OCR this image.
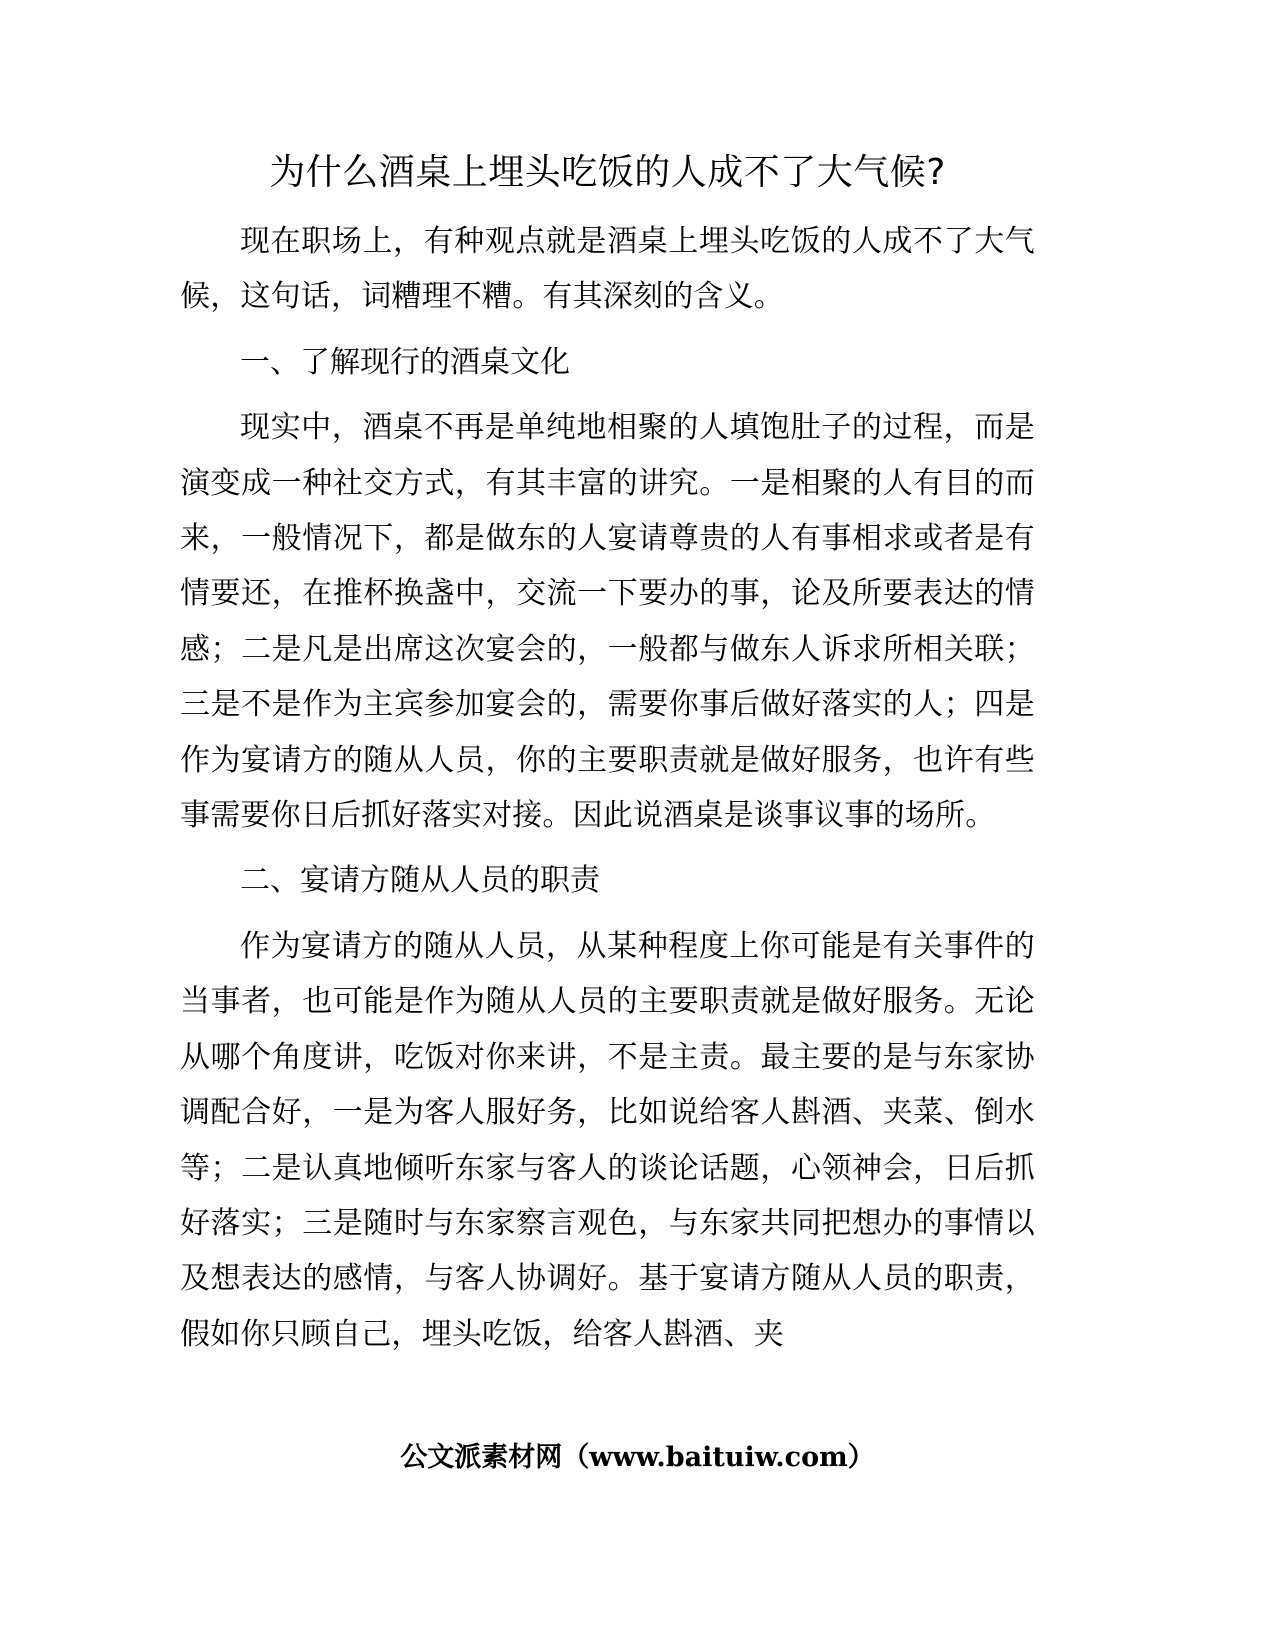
为什么酒桌上埋头吃饭的人成不了大气候?

现在职场上，有种观点就是酒桌上埋头吃饭的人成不了大气候，这句话，词糟理不糟。有其深刻的含义。

一、了解现行的酒桌文化

现实中，酒桌不再是单纯地相聚的人填饱肚子的过程，而是演变成一种社交方式，有其丰富的讲究。一是相聚的人有目的而来，一般情况下，都是做东的人宴请尊贵的人有事相求或者是有情要还，在推杯换盏中，交流一下要办的事，论及所要表达的情感；二是凡是出席这次宴会的，一般都与做东人诉求所相关联；三是不是作为主宾参加宴会的，需要你事后做好落实的人；四是作为宴请方的随从人员，你的主要职责就是做好服务，也许有些事需要你日后抓好落实对接。因此说酒桌是谈事议事的场所。

二、宴请方随从人员的职责

作为宴请方的随从人员，从某种程度上你可能是有关事件的当事者，也可能是作为随从人员的主要职责就是做好服务。无论从哪个角度讲，吃饭对你来讲，不是主责。最主要的是与东家协调配合好，一是为客人服好务，比如说给客人斟酒、夹菜、倒水等；二是认真地倾听东家与客人的谈论话题，心领神会，日后抓好落实；三是随时与东家察言观色，与东家共同把想办的事情以及想表达的感情，与客人协调好。基于宴请方随从人员的职责，假如你只顾自己，埋头吃饭，给客人斟酒、夹

公文派素材网（www.baituiw.com）
